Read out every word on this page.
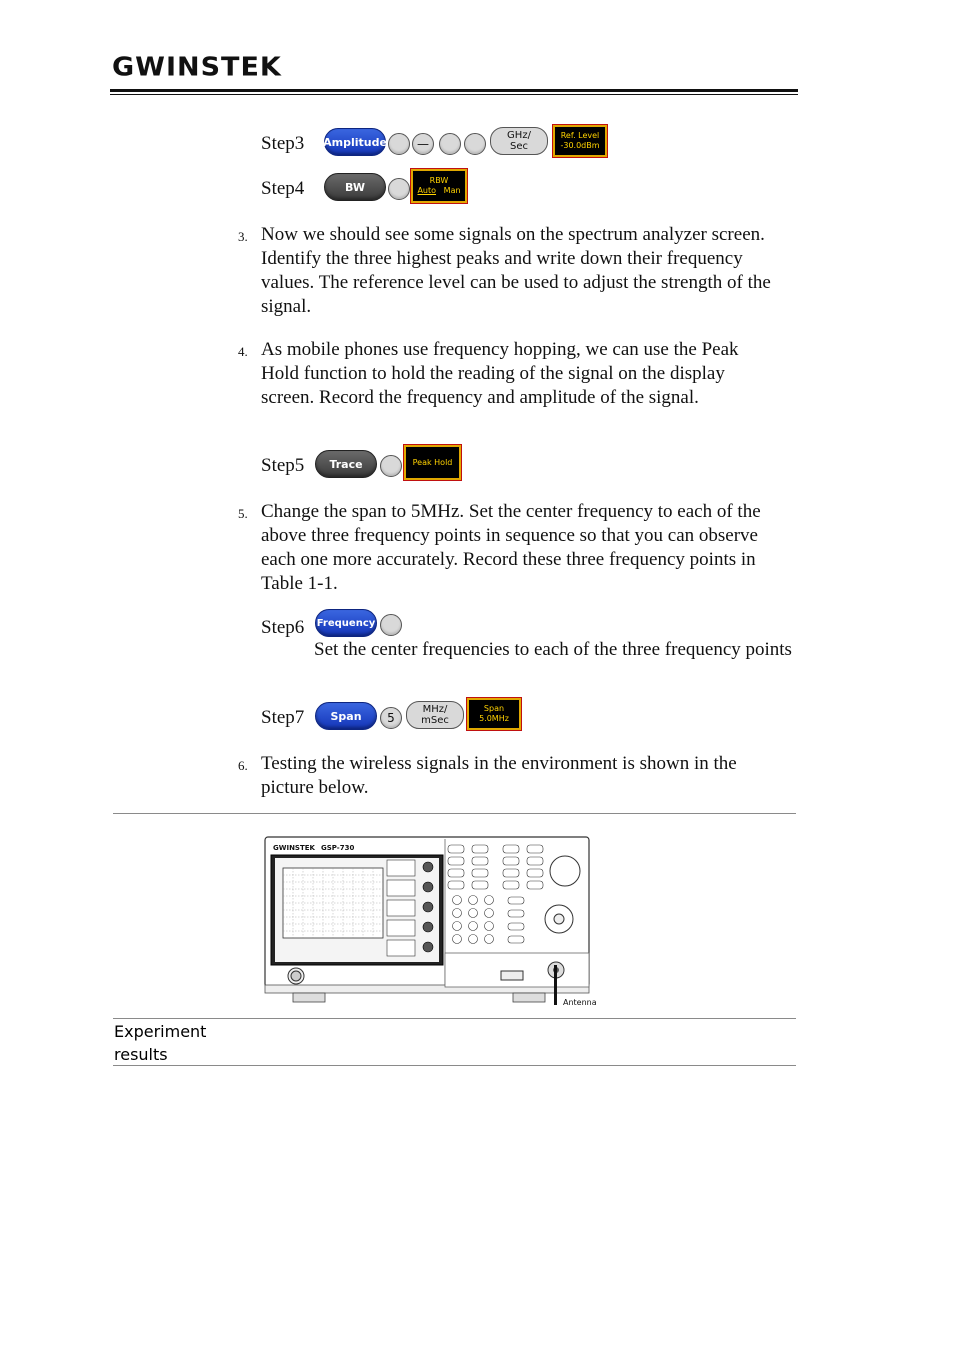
GWINSTEK
Step3 Amplitude	—
GHz/
Sec
Ref. Level
-30.0dBm
Step4	BW	RBW
Auto Man
3. Now we should see some signals on the spectrum analyzer screen. Identify the three highest peaks and write down their frequency values. The reference level can be used to adjust the strength of the signal.
4. As mobile phones use frequency hopping, we can use the Peak Hold function to hold the reading of the signal on the display screen. Record the frequency and amplitude of the signal.
Step5	Trace	Peak Hold
5. Change the span to 5MHz. Set the center frequency to each of the above three frequency points in sequence so that you can observe each one more accurately. Record these three frequency points in Table 1-1.
Step6 Frequency
Set the center frequencies to each of the three frequency points
Step7	Span	5
MHz/
mSec
Span
5.0MHz
6. Testing the wireless signals in the environment is shown in the picture below.
GWINSTEK GSP-730
Antenna
Experiment
results
